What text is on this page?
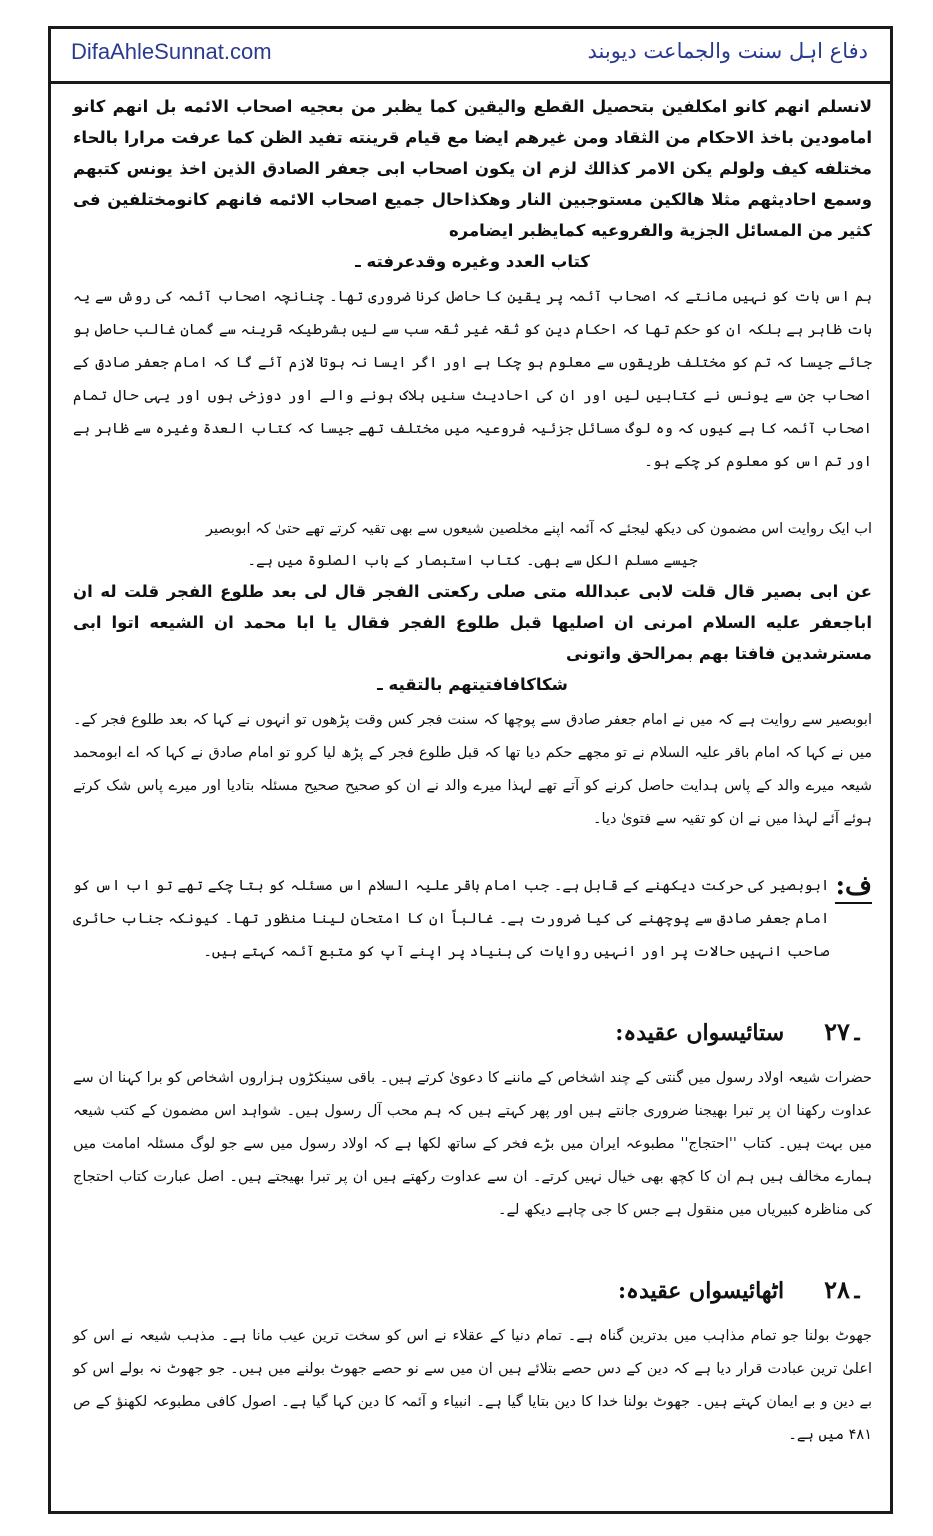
DifaAhleSunnat.com	دفاع اہل سنت والجماعت دیوبند

لانسلم انهم كانو امكلفين بتحصيل القطع واليقين كما يظبر من بعجيه اصحاب الائمه بل انهم كانو امامودين باخذ الاحكام من الثقاد ومن غيرهم ايضا مع قيام قرينته تفيد الظن كما عرفت مرارا بالحاء مختلفه كيف ولولم يكن الامر كذالك لزم ان يكون اصحاب ابى جعفر الصادق الذين اخذ يونس كتبهم وسمع احاديثهم مثلا هالكين مستوجبين النار وهكذاحال جميع اصحاب الائمه فانهم كانومختلفين فى كثير من المسائل الجزية والفروعيه كمايظبر ايضامره

كتاب العدد وغيره وقدعرفته ـ

ہم اس بات کو نہیں مانتے کہ اصحاب آئمہ پر یقین کا حاصل کرنا ضروری تھا۔ چنانچہ اصحاب آئمہ کی روش سے یہ بات ظاہر ہے بلکہ ان کو حکم تھا کہ احکام دین کو ثقہ غیر ثقہ سب سے لیں بشرطیکہ قرینہ سے گمان غالب حاصل ہو جائے جیسا کہ تم کو مختلف طریقوں سے معلوم ہو چکا ہے اور اگر ایسا نہ ہوتا لازم آئے گا کہ امام جعفر صادق کے اصحاب جن سے یونس نے کتابیں لیں اور ان کی احادیث سنیں ہلاک ہونے والے اور دوزخی ہوں اور یہی حال تمام اصحاب آئمہ کا ہے کیوں کہ وہ لوگ مسائل جزئیہ فروعیہ میں مختلف تھے جیسا کہ کتاب العدۃ وغیرہ سے ظاہر ہے اور تم اس کو معلوم کر چکے ہو۔

اب ایک روایت اس مضمون کی دیکھ لیجئے کہ آئمہ اپنے مخلصین شیعوں سے بھی تقیہ کرتے تھے حتیٰ کہ ابوبصیر

جیسے مسلم الکل سے بھی۔ کتاب استبصار کے باب الصلوۃ میں ہے۔

عن ابى بصير قال قلت لابى عبدالله متى صلى ركعتى الفجر قال لى بعد طلوع الفجر قلت له ان اباجعفر عليه السلام امرنى ان اصليها قبل طلوع الفجر فقال يا ابا محمد ان الشيعه اتوا ابى مسترشدين فافتا بهم بمرالحق واتونى

شكاكافافتيتهم بالتقيه ـ

ابوبصیر سے روایت ہے کہ میں نے امام جعفر صادق سے پوچھا کہ سنت فجر کس وقت پڑھوں تو انہوں نے کہا کہ بعد طلوع فجر کے۔ میں نے کہا کہ امام باقر علیہ السلام نے تو مجھے حکم دیا تھا کہ قبل طلوع فجر کے پڑھ لیا کرو تو امام صادق نے کہا کہ اے ابومحمد شیعہ میرے والد کے پاس ہدایت حاصل کرنے کو آتے تھے لہذا میرے والد نے ان کو صحیح صحیح مسئلہ بتادیا اور میرے پاس شک کرتے ہوئے آئے لہذا میں نے ان کو تقیہ سے فتویٰ دیا۔

ف:

ابوبصیر کی حرکت دیکھنے کے قابل ہے۔ جب امام باقر علیہ السلام اس مسئلہ کو بتا چکے تھے تو اب اس کو امام جعفر صادق سے پوچھنے کی کیا ضرورت ہے۔ غالباً ان کا امتحان لینا منظور تھا۔ کیونکہ جناب حائری صاحب انہیں حالات پر اور انہیں روایات کی بنیاد پر اپنے آپ کو متبع آئمہ کہتے ہیں۔

۔۲۷
ستائیسواں عقیدہ:

حضرات شیعہ اولاد رسول میں گنتی کے چند اشخاص کے ماننے کا دعویٰ کرتے ہیں۔ باقی سینکڑوں ہزاروں اشخاص کو برا کہنا ان سے عداوت رکھنا ان پر تبرا بھیجنا ضروری جانتے ہیں اور پھر کہتے ہیں کہ ہم محب آل رسول ہیں۔ شواہد اس مضمون کے کتب شیعہ میں بہت ہیں۔ کتاب ''احتجاج'' مطبوعہ ایران میں بڑے فخر کے ساتھ لکھا ہے کہ اولاد رسول میں سے جو لوگ مسئلہ امامت میں ہمارے مخالف ہیں ہم ان کا کچھ بھی خیال نہیں کرتے۔ ان سے عداوت رکھتے ہیں ان پر تبرا بھیجتے ہیں۔ اصل عبارت کتاب احتجاج کی مناظرہ کبیریاں میں منقول ہے جس کا جی چاہے دیکھ لے۔

۔۲۸
اٹھائیسواں عقیدہ:

جھوٹ بولنا جو تمام مذاہب میں بدترین گناہ ہے۔ تمام دنیا کے عقلاء نے اس کو سخت ترین عیب مانا ہے۔ مذہب شیعہ نے اس کو اعلیٰ ترین عبادت قرار دیا ہے کہ دین کے دس حصے بتلائے ہیں ان میں سے نو حصے جھوٹ بولنے میں ہیں۔ جو جھوٹ نہ بولے اس کو بے دین و بے ایمان کہتے ہیں۔ جھوٹ بولنا خدا کا دین بتایا گیا ہے۔ انبیاء و آئمہ کا دین کہا گیا ہے۔ اصول کافی مطبوعہ لکھنؤ کے ص ۴۸۱ میں ہے۔
